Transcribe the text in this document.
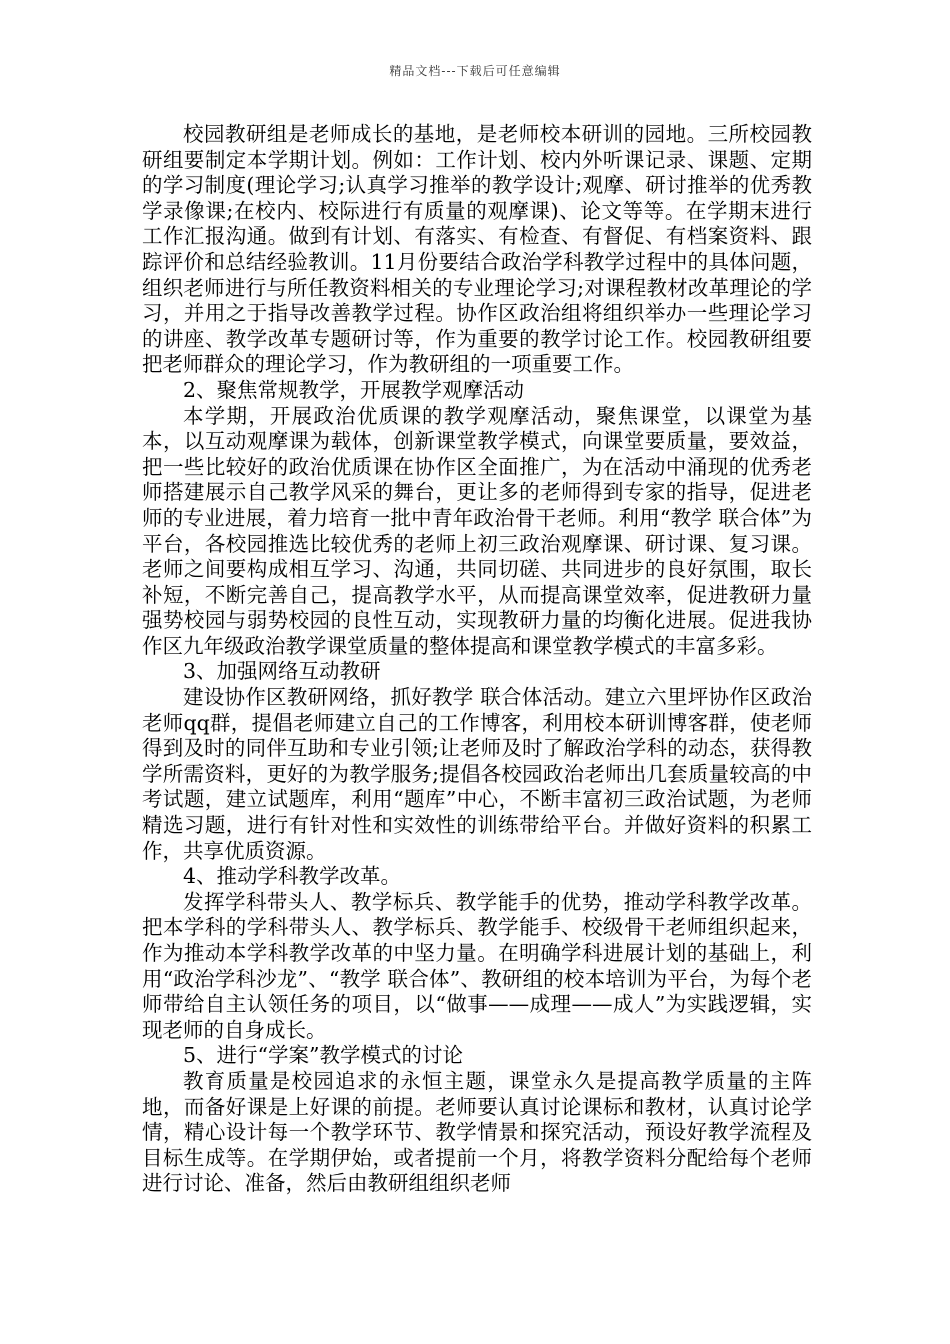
精品文档---下载后可任意编辑

校园教研组是老师成长的基地，是老师校本研训的园地。三所校园教研组要制定本学期计划。例如：工作计划、校内外听课记录、课题、定期的学习制度(理论学习;认真学习推举的教学设计;观摩、研讨推举的优秀教学录像课;在校内、校际进行有质量的观摩课)、论文等等。在学期末进行工作汇报沟通。做到有计划、有落实、有检查、有督促、有档案资料、跟踪评价和总结经验教训。11月份要结合政治学科教学过程中的具体问题，组织老师进行与所任教资料相关的专业理论学习;对课程教材改革理论的学习，并用之于指导改善教学过程。协作区政治组将组织举办一些理论学习的讲座、教学改革专题研讨等，作为重要的教学讨论工作。校园教研组要把老师群众的理论学习，作为教研组的一项重要工作。

2、聚焦常规教学，开展教学观摩活动

本学期，开展政治优质课的教学观摩活动，聚焦课堂，以课堂为基本，以互动观摩课为载体，创新课堂教学模式，向课堂要质量，要效益，把一些比较好的政治优质课在协作区全面推广，为在活动中涌现的优秀老师搭建展示自己教学风采的舞台，更让多的老师得到专家的指导，促进老师的专业进展，着力培育一批中青年政治骨干老师。利用“教学 联合体”为平台，各校园推选比较优秀的老师上初三政治观摩课、研讨课、复习课。老师之间要构成相互学习、沟通，共同切磋、共同进步的良好氛围，取长补短，不断完善自己，提高教学水平，从而提高课堂效率，促进教研力量强势校园与弱势校园的良性互动，实现教研力量的均衡化进展。促进我协作区九年级政治教学课堂质量的整体提高和课堂教学模式的丰富多彩。

3、加强网络互动教研

建设协作区教研网络，抓好教学 联合体活动。建立六里坪协作区政治老师qq群，提倡老师建立自己的工作博客，利用校本研训博客群，使老师得到及时的同伴互助和专业引领;让老师及时了解政治学科的动态，获得教学所需资料，更好的为教学服务;提倡各校园政治老师出几套质量较高的中考试题，建立试题库，利用“题库”中心，不断丰富初三政治试题，为老师精选习题，进行有针对性和实效性的训练带给平台。并做好资料的积累工作，共享优质资源。

4、推动学科教学改革。

发挥学科带头人、教学标兵、教学能手的优势，推动学科教学改革。把本学科的学科带头人、教学标兵、教学能手、校级骨干老师组织起来，作为推动本学科教学改革的中坚力量。在明确学科进展计划的基础上，利用“政治学科沙龙”、“教学 联合体”、教研组的校本培训为平台，为每个老师带给自主认领任务的项目，以“做事——成理——成人”为实践逻辑，实现老师的自身成长。

5、进行“学案”教学模式的讨论

教育质量是校园追求的永恒主题，课堂永久是提高教学质量的主阵地，而备好课是上好课的前提。老师要认真讨论课标和教材，认真讨论学情，精心设计每一个教学环节、教学情景和探究活动，预设好教学流程及目标生成等。在学期伊始，或者提前一个月，将教学资料分配给每个老师进行讨论、准备，然后由教研组组织老师
